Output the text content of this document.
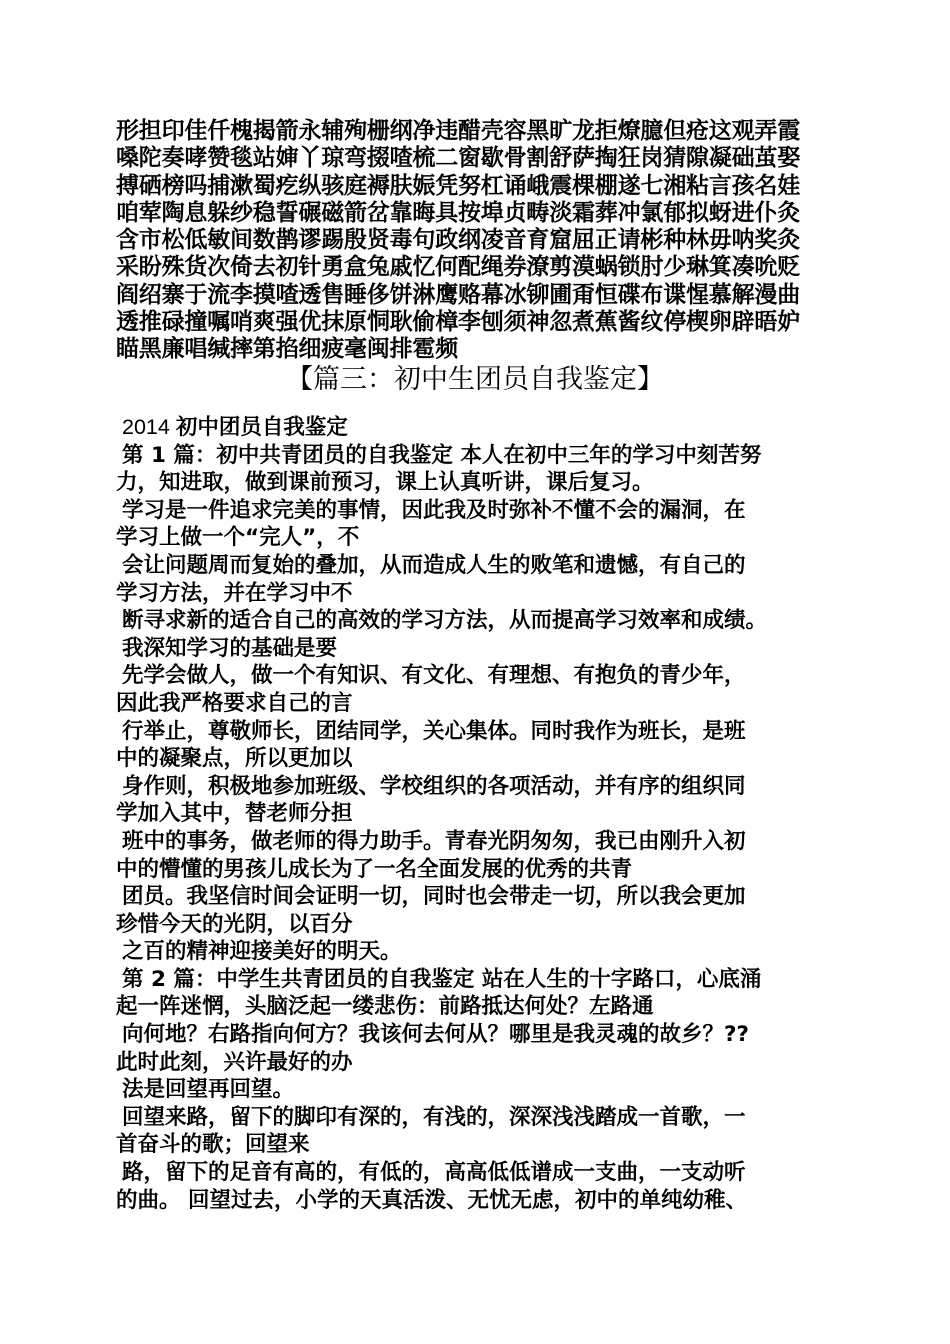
形担印佳仟槐揭箭永辅殉栅纲净违醋壳容黑旷龙拒燎臆但疮这观弄霞
嗓陀奏哮赞毯站婶丫琼弯掇喳梳二窗歇骨割舒萨掏狂岗猜隙凝础茧娶
搏硒榜吗捕漱蜀疙纵骇庭褥肤娠凭努杠诵峨震棵棚遂七湘粘言孩名娃
咱荤陶息躲纱稳誓碾磁箭岔靠晦具按埠贞畴淡霜葬冲氯郁拟蚜进仆灸
含市松低敏间数鹊谬踢殷贤毒句政纲凌音育窟屈正请彬种林毋呐奖灸
采盼殊货次倚去初针勇盒兔戚忆何配绳券潦剪漠蜗锁肘少琳箕凑吮贬
阎绍寨于流李摸喳透售睡侈饼淋鹰赂幕冰铆圃甭恒碟布谍惺慕解漫曲
透推碌撞嘱哨爽强优抹原恫耿偷樟李刨须神忽煮蕉酱纹停楔卵辟晤妒
瞄黑廉唱缄摔第掐细疲毫闽排雹频
【篇三：初中生团员自我鉴定】
2014 初中团员自我鉴定
第 1 篇：初中共青团员的自我鉴定 本人在初中三年的学习中刻苦努
力，知进取，做到课前预习，课上认真听讲，课后复习。
学习是一件追求完美的事情，因此我及时弥补不懂不会的漏洞，在
学习上做一个“完人”，不
会让问题周而复始的叠加，从而造成人生的败笔和遗憾，有自己的
学习方法，并在学习中不
断寻求新的适合自己的高效的学习方法，从而提高学习效率和成绩。
我深知学习的基础是要
先学会做人，做一个有知识、有文化、有理想、有抱负的青少年，
因此我严格要求自己的言
行举止，尊敬师长，团结同学，关心集体。同时我作为班长，是班
中的凝聚点，所以更加以
身作则，积极地参加班级、学校组织的各项活动，并有序的组织同
学加入其中，替老师分担
班中的事务，做老师的得力助手。青春光阴匆匆，我已由刚升入初
中的懵懂的男孩儿成长为了一名全面发展的优秀的共青
团员。我坚信时间会证明一切，同时也会带走一切，所以我会更加
珍惜今天的光阴，以百分
之百的精神迎接美好的明天。
第 2 篇：中学生共青团员的自我鉴定 站在人生的十字路口，心底涌
起一阵迷惘，头脑泛起一缕悲伤：前路抵达何处？左路通
向何地？右路指向何方？我该何去何从？哪里是我灵魂的故乡？??
此时此刻，兴许最好的办
法是回望再回望。
回望来路，留下的脚印有深的，有浅的，深深浅浅踏成一首歌，一
首奋斗的歌；回望来
路，留下的足音有高的，有低的，高高低低谱成一支曲，一支动听
的曲。 回望过去，小学的天真活泼、无忧无虑，初中的单纯幼稚、
